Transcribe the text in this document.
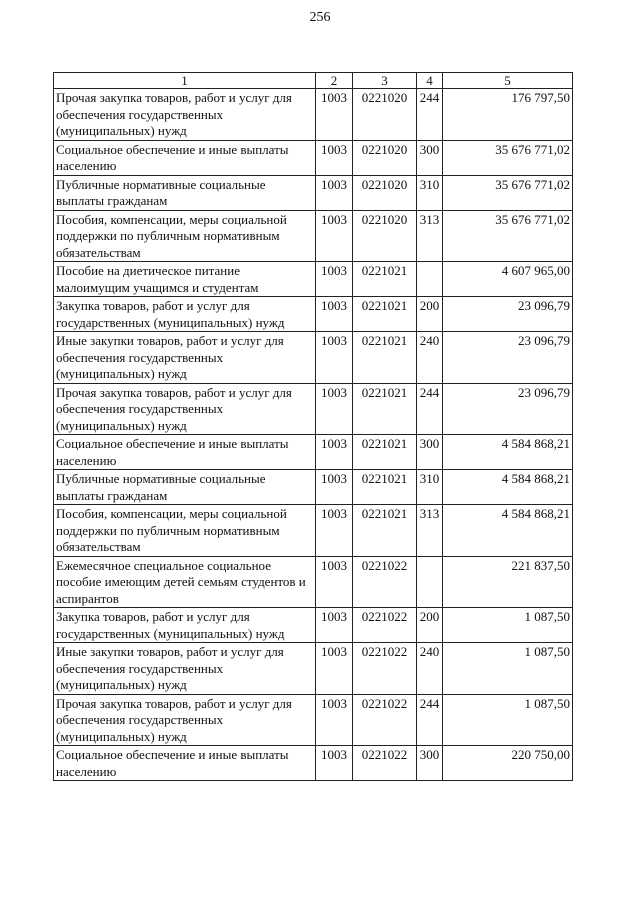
256
1	2	3	4	5
Прочая закупка товаров, работ и услуг для обеспечения государственных (муниципальных) нужд	1003	0221020	244	176 797,50
Социальное обеспечение и иные выплаты населению	1003	0221020	300	35 676 771,02
Публичные нормативные социальные выплаты гражданам	1003	0221020	310	35 676 771,02
Пособия, компенсации, меры социальной поддержки по публичным нормативным обязательствам	1003	0221020	313	35 676 771,02
Пособие на диетическое питание малоимущим учащимся и студентам	1003	0221021		4 607 965,00
Закупка товаров, работ и услуг для государственных (муниципальных) нужд	1003	0221021	200	23 096,79
Иные закупки товаров, работ и услуг для обеспечения государственных (муниципальных) нужд	1003	0221021	240	23 096,79
Прочая закупка товаров, работ и услуг для обеспечения государственных (муниципальных) нужд	1003	0221021	244	23 096,79
Социальное обеспечение и иные выплаты населению	1003	0221021	300	4 584 868,21
Публичные нормативные социальные выплаты гражданам	1003	0221021	310	4 584 868,21
Пособия, компенсации, меры социальной поддержки по публичным нормативным обязательствам	1003	0221021	313	4 584 868,21
Ежемесячное специальное социальное пособие имеющим детей семьям студентов и аспирантов	1003	0221022		221 837,50
Закупка товаров, работ и услуг для государственных (муниципальных) нужд	1003	0221022	200	1 087,50
Иные закупки товаров, работ и услуг для обеспечения государственных (муниципальных) нужд	1003	0221022	240	1 087,50
Прочая закупка товаров, работ и услуг для обеспечения государственных (муниципальных) нужд	1003	0221022	244	1 087,50
Социальное обеспечение и иные выплаты населению	1003	0221022	300	220 750,00
